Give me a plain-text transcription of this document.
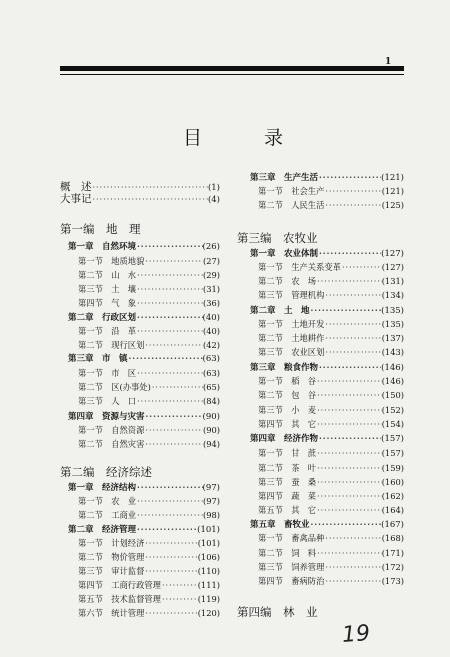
1
目 录
概　述 ·····	(1)
大事记 ·····	(4)
第一编　地　理
第一章　自然环境 ·····	(26)
第一节　地质地貌 ·····	(27)
第二节　山　水 ·····	(29)
第三节　土　壤 ·····	(31)
第四节　气　象 ·····	(36)
第二章　行政区划 ·····	(40)
第一节　沿　革 ·····	(40)
第二节　现行区划 ·····	(42)
第三章　市　镇 ·····	(63)
第一节　市　区 ·····	(63)
第二节　区(办事处) ·····	(65)
第三节　人　口 ·····	(84)
第四章　资源与灾害 ·····	(90)
第一节　自然资源 ·····	(90)
第二节　自然灾害 ·····	(94)
第二编　经济综述
第一章　经济结构 ·····	(97)
第一节　农　业 ·····	(97)
第二节　工商业 ·····	(98)
第二章　经济管理 ·····	(101)
第一节　计划经济 ·····	(101)
第二节　物价管理 ·····	(106)
第三节　审计监督 ·····	(110)
第四节　工商行政管理 ·····	(111)
第五节　技术监督管理 ·····	(119)
第六节　统计管理 ·····	(120)
第三章　生产生活 ·····	(121)
第一节　社会生产 ·····	(121)
第二节　人民生活 ·····	(125)
第三编　农牧业
第一章　农业体制 ·····	(127)
第一节　生产关系变革 ·····	(127)
第二节　农　场 ·····	(131)
第三节　管理机构 ·····	(134)
第二章　土　地 ·····	(135)
第一节　土地开发 ·····	(135)
第二节　土地耕作 ·····	(137)
第三节　农业区划 ·····	(143)
第三章　粮食作物 ·····	(146)
第一节　稻　谷 ·····	(146)
第二节　包　谷 ·····	(150)
第三节　小　麦 ·····	(152)
第四节　其　它 ·····	(154)
第四章　经济作物 ·····	(157)
第一节　甘　蔗 ·····	(157)
第二节　茶　叶 ·····	(159)
第三节　蚕　桑 ·····	(160)
第四节　蔬　菜 ·····	(162)
第五节　其　它 ·····	(164)
第五章　畜牧业 ·····	(167)
第一节　畜禽品种 ·····	(168)
第二节　饲　料 ·····	(171)
第三节　饲养管理 ·····	(172)
第四节　畜病防治 ·····	(173)
第四编　林　业
19
